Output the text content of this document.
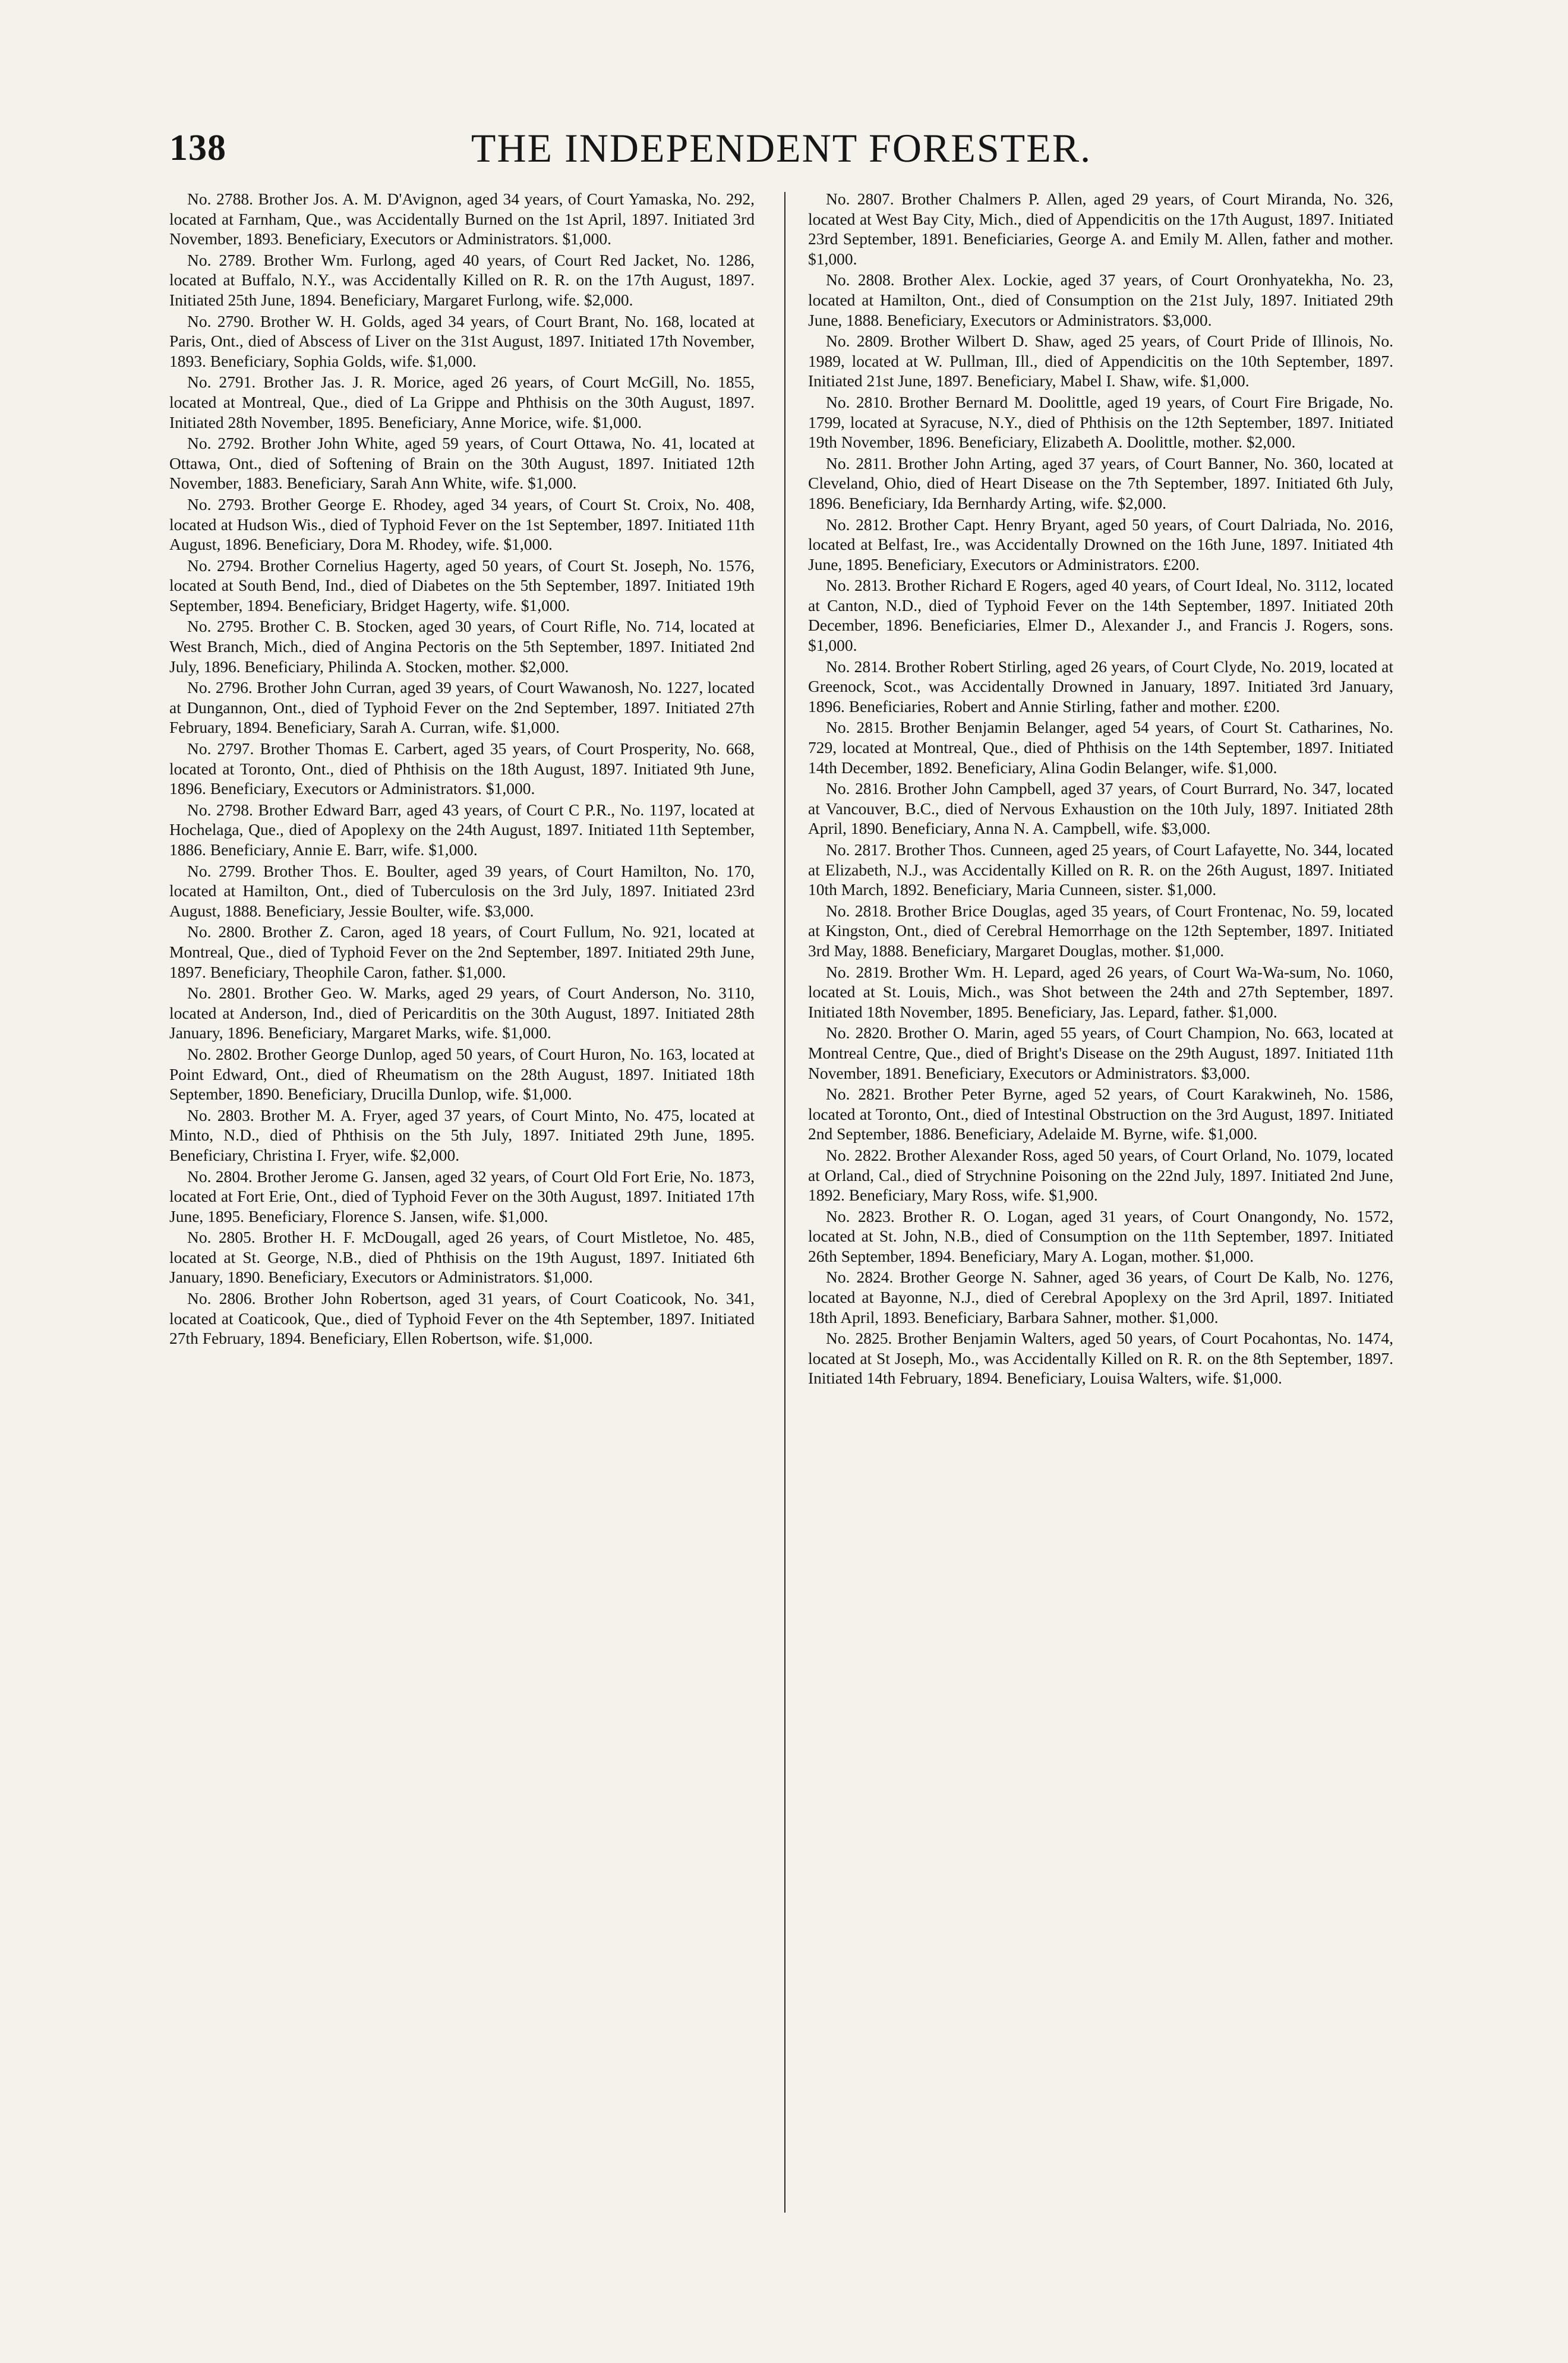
138	THE INDEPENDENT FORESTER.

No. 2788. Brother Jos. A. M. D'Avignon, aged 34 years, of Court Yamaska, No. 292, located at Farnham, Que., was Accidentally Burned on the 1st April, 1897. Initiated 3rd November, 1893. Beneficiary, Executors or Administrators. $1,000.

No. 2789. Brother Wm. Furlong, aged 40 years, of Court Red Jacket, No. 1286, located at Buffalo, N.Y., was Accidentally Killed on R. R. on the 17th August, 1897. Initiated 25th June, 1894. Beneficiary, Margaret Furlong, wife. $2,000.

No. 2790. Brother W. H. Golds, aged 34 years, of Court Brant, No. 168, located at Paris, Ont., died of Abscess of Liver on the 31st August, 1897. Initiated 17th November, 1893. Beneficiary, Sophia Golds, wife. $1,000.

No. 2791. Brother Jas. J. R. Morice, aged 26 years, of Court McGill, No. 1855, located at Montreal, Que., died of La Grippe and Phthisis on the 30th August, 1897. Initiated 28th November, 1895. Beneficiary, Anne Morice, wife. $1,000.

No. 2792. Brother John White, aged 59 years, of Court Ottawa, No. 41, located at Ottawa, Ont., died of Softening of Brain on the 30th August, 1897. Initiated 12th November, 1883. Beneficiary, Sarah Ann White, wife. $1,000.

No. 2793. Brother George E. Rhodey, aged 34 years, of Court St. Croix, No. 408, located at Hudson Wis., died of Typhoid Fever on the 1st September, 1897. Initiated 11th August, 1896. Beneficiary, Dora M. Rhodey, wife. $1,000.

No. 2794. Brother Cornelius Hagerty, aged 50 years, of Court St. Joseph, No. 1576, located at South Bend, Ind., died of Diabetes on the 5th September, 1897. Initiated 19th September, 1894. Beneficiary, Bridget Hagerty, wife. $1,000.

No. 2795. Brother C. B. Stocken, aged 30 years, of Court Rifle, No. 714, located at West Branch, Mich., died of Angina Pectoris on the 5th September, 1897. Initiated 2nd July, 1896. Beneficiary, Philinda A. Stocken, mother. $2,000.

No. 2796. Brother John Curran, aged 39 years, of Court Wawanosh, No. 1227, located at Dungannon, Ont., died of Typhoid Fever on the 2nd September, 1897. Initiated 27th February, 1894. Beneficiary, Sarah A. Curran, wife. $1,000.

No. 2797. Brother Thomas E. Carbert, aged 35 years, of Court Prosperity, No. 668, located at Toronto, Ont., died of Phthisis on the 18th August, 1897. Initiated 9th June, 1896. Beneficiary, Executors or Administrators. $1,000.

No. 2798. Brother Edward Barr, aged 43 years, of Court C P.R., No. 1197, located at Hochelaga, Que., died of Apoplexy on the 24th August, 1897. Initiated 11th September, 1886. Beneficiary, Annie E. Barr, wife. $1,000.

No. 2799. Brother Thos. E. Boulter, aged 39 years, of Court Hamilton, No. 170, located at Hamilton, Ont., died of Tuberculosis on the 3rd July, 1897. Initiated 23rd August, 1888. Beneficiary, Jessie Boulter, wife. $3,000.

No. 2800. Brother Z. Caron, aged 18 years, of Court Fullum, No. 921, located at Montreal, Que., died of Typhoid Fever on the 2nd September, 1897. Initiated 29th June, 1897. Beneficiary, Theophile Caron, father. $1,000.

No. 2801. Brother Geo. W. Marks, aged 29 years, of Court Anderson, No. 3110, located at Anderson, Ind., died of Pericarditis on the 30th August, 1897. Initiated 28th January, 1896. Beneficiary, Margaret Marks, wife. $1,000.

No. 2802. Brother George Dunlop, aged 50 years, of Court Huron, No. 163, located at Point Edward, Ont., died of Rheumatism on the 28th August, 1897. Initiated 18th September, 1890. Beneficiary, Drucilla Dunlop, wife. $1,000.

No. 2803. Brother M. A. Fryer, aged 37 years, of Court Minto, No. 475, located at Minto, N.D., died of Phthisis on the 5th July, 1897. Initiated 29th June, 1895. Beneficiary, Christina I. Fryer, wife. $2,000.

No. 2804. Brother Jerome G. Jansen, aged 32 years, of Court Old Fort Erie, No. 1873, located at Fort Erie, Ont., died of Typhoid Fever on the 30th August, 1897. Initiated 17th June, 1895. Beneficiary, Florence S. Jansen, wife. $1,000.

No. 2805. Brother H. F. McDougall, aged 26 years, of Court Mistletoe, No. 485, located at St. George, N.B., died of Phthisis on the 19th August, 1897. Initiated 6th January, 1890. Beneficiary, Executors or Administrators. $1,000.

No. 2806. Brother John Robertson, aged 31 years, of Court Coaticook, No. 341, located at Coaticook, Que., died of Typhoid Fever on the 4th September, 1897. Initiated 27th February, 1894. Beneficiary, Ellen Robertson, wife. $1,000.

No. 2807. Brother Chalmers P. Allen, aged 29 years, of Court Miranda, No. 326, located at West Bay City, Mich., died of Appendicitis on the 17th August, 1897. Initiated 23rd September, 1891. Beneficiaries, George A. and Emily M. Allen, father and mother. $1,000.

No. 2808. Brother Alex. Lockie, aged 37 years, of Court Oronhyatekha, No. 23, located at Hamilton, Ont., died of Consumption on the 21st July, 1897. Initiated 29th June, 1888. Beneficiary, Executors or Administrators. $3,000.

No. 2809. Brother Wilbert D. Shaw, aged 25 years, of Court Pride of Illinois, No. 1989, located at W. Pullman, Ill., died of Appendicitis on the 10th September, 1897. Initiated 21st June, 1897. Beneficiary, Mabel I. Shaw, wife. $1,000.

No. 2810. Brother Bernard M. Doolittle, aged 19 years, of Court Fire Brigade, No. 1799, located at Syracuse, N.Y., died of Phthisis on the 12th September, 1897. Initiated 19th November, 1896. Beneficiary, Elizabeth A. Doolittle, mother. $2,000.

No. 2811. Brother John Arting, aged 37 years, of Court Banner, No. 360, located at Cleveland, Ohio, died of Heart Disease on the 7th September, 1897. Initiated 6th July, 1896. Beneficiary, Ida Bernhardy Arting, wife. $2,000.

No. 2812. Brother Capt. Henry Bryant, aged 50 years, of Court Dalriada, No. 2016, located at Belfast, Ire., was Accidentally Drowned on the 16th June, 1897. Initiated 4th June, 1895. Beneficiary, Executors or Administrators. £200.

No. 2813. Brother Richard E Rogers, aged 40 years, of Court Ideal, No. 3112, located at Canton, N.D., died of Typhoid Fever on the 14th September, 1897. Initiated 20th December, 1896. Beneficiaries, Elmer D., Alexander J., and Francis J. Rogers, sons. $1,000.

No. 2814. Brother Robert Stirling, aged 26 years, of Court Clyde, No. 2019, located at Greenock, Scot., was Accidentally Drowned in January, 1897. Initiated 3rd January, 1896. Beneficiaries, Robert and Annie Stirling, father and mother. £200.

No. 2815. Brother Benjamin Belanger, aged 54 years, of Court St. Catharines, No. 729, located at Montreal, Que., died of Phthisis on the 14th September, 1897. Initiated 14th December, 1892. Beneficiary, Alina Godin Belanger, wife. $1,000.

No. 2816. Brother John Campbell, aged 37 years, of Court Burrard, No. 347, located at Vancouver, B.C., died of Nervous Exhaustion on the 10th July, 1897. Initiated 28th April, 1890. Beneficiary, Anna N. A. Campbell, wife. $3,000.

No. 2817. Brother Thos. Cunneen, aged 25 years, of Court Lafayette, No. 344, located at Elizabeth, N.J., was Accidentally Killed on R. R. on the 26th August, 1897. Initiated 10th March, 1892. Beneficiary, Maria Cunneen, sister. $1,000.

No. 2818. Brother Brice Douglas, aged 35 years, of Court Frontenac, No. 59, located at Kingston, Ont., died of Cerebral Hemorrhage on the 12th September, 1897. Initiated 3rd May, 1888. Beneficiary, Margaret Douglas, mother. $1,000.

No. 2819. Brother Wm. H. Lepard, aged 26 years, of Court Wa-Wa-sum, No. 1060, located at St. Louis, Mich., was Shot between the 24th and 27th September, 1897. Initiated 18th November, 1895. Beneficiary, Jas. Lepard, father. $1,000.

No. 2820. Brother O. Marin, aged 55 years, of Court Champion, No. 663, located at Montreal Centre, Que., died of Bright's Disease on the 29th August, 1897. Initiated 11th November, 1891. Beneficiary, Executors or Administrators. $3,000.

No. 2821. Brother Peter Byrne, aged 52 years, of Court Karakwineh, No. 1586, located at Toronto, Ont., died of Intestinal Obstruction on the 3rd August, 1897. Initiated 2nd September, 1886. Beneficiary, Adelaide M. Byrne, wife. $1,000.

No. 2822. Brother Alexander Ross, aged 50 years, of Court Orland, No. 1079, located at Orland, Cal., died of Strychnine Poisoning on the 22nd July, 1897. Initiated 2nd June, 1892. Beneficiary, Mary Ross, wife. $1,900.

No. 2823. Brother R. O. Logan, aged 31 years, of Court Onangondy, No. 1572, located at St. John, N.B., died of Consumption on the 11th September, 1897. Initiated 26th September, 1894. Beneficiary, Mary A. Logan, mother. $1,000.

No. 2824. Brother George N. Sahner, aged 36 years, of Court De Kalb, No. 1276, located at Bayonne, N.J., died of Cerebral Apoplexy on the 3rd April, 1897. Initiated 18th April, 1893. Beneficiary, Barbara Sahner, mother. $1,000.

No. 2825. Brother Benjamin Walters, aged 50 years, of Court Pocahontas, No. 1474, located at St Joseph, Mo., was Accidentally Killed on R. R. on the 8th September, 1897. Initiated 14th February, 1894. Beneficiary, Louisa Walters, wife. $1,000.
